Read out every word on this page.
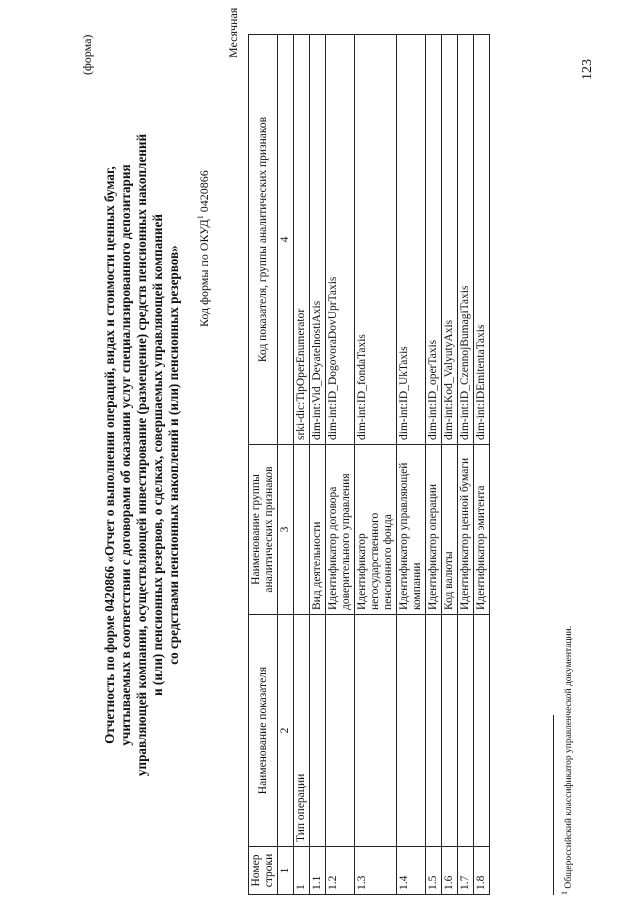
(форма)
Отчетность по форме 0420866 «Отчет о выполнении операций, видах и стоимости ценных бумаг, учитываемых в соответствии с договорами об оказании услуг специализированного депозитария управляющей компании, осуществляющей инвестирование (размещение) средств пенсионных накоплений и (или) пенсионных резервов, о сделках, совершаемых управляющей компанией со средствами пенсионных накоплений и (или) пенсионных резервов» Код формы по ОКУД$^1$ 0420866
Месячная
Номер строки	Наименование показателя	Наименование группы аналитических признаков	Код показателя, группы аналитических признаков
1	2	3	4
1	Тип операции		srki-dic:TipOperEnumerator
1.1		Вид деятельности	dim-int:Vid_DeyatelnostiAxis
1.2		Идентификатор договора доверительного управления	dim-int:ID_DogovoraDovUprTaxis
1.3		Идентификатор негосударственного пенсионного фонда	dim-int:ID_fondaTaxis
1.4		Идентификатор управляющей компании	dim-int:ID_UkTaxis
1.5		Идентификатор операции	dim-int:ID_operTaxis
1.6		Код валюты	dim-int:Kod_ValyutyAxis
1.7		Идентификатор ценной бумаги	dim-int:ID_CzennojBumagiTaxis
1.8		Идентификатор эмитента	dim-int:IDEmitentaTaxis
$^1$ Общероссийский классификатор управленческой документации.
123
